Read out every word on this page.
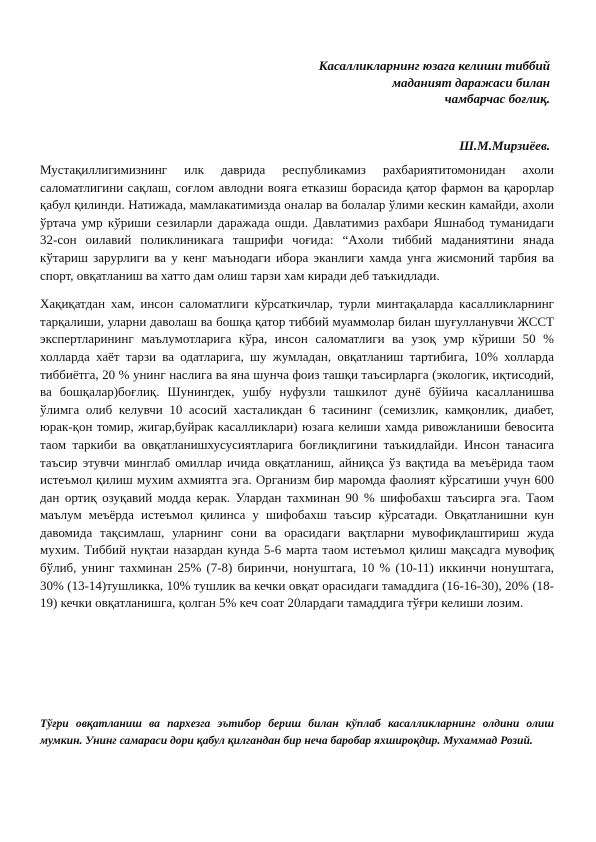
Касалликларнинг юзага келиши тиббий
маданият даражаси билан
чамбарчас боғлиқ.
Ш.М.Мирзиёев.

Мустақиллигимизнинг илк даврида республикамиз рахбариятитомонидан ахоли саломатлигини сақлаш, соғлом авлодни вояга етказиш борасида қатор фармон ва қарорлар қабул қилинди. Натижада, мамлакатимизда оналар ва болалар ўлими кескин камайди, ахоли ўртача умр кўриши сезиларли даражада ошди. Давлатимиз рахбари Яшнабод туманидаги 32-сон оилавий поликлиникага ташрифи чоғида: “Ахоли тиббий маданиятини янада кўтариш зарурлиги ва у кенг маънодаги ибора эканлиги хамда унга жисмоний тарбия ва спорт, овқатланиш ва хатто дам олиш тарзи хам киради деб таъкидлади.

Хақиқатдан хам, инсон саломатлиги кўрсаткичлар, турли минтақаларда касалликларнинг тарқалиши, уларни даволаш ва бошқа қатор тиббий муаммолар билан шуғулланувчи ЖССТ экспертларининг маълумотларига кўра, инсон саломатлиги ва узоқ умр кўриши 50 % холларда хаёт тарзи ва одатларига, шу жумладан, овқатланиш тартибига, 10% холларда тиббиётга, 20 % унинг наслига ва яна шунча фоиз ташқи таъсирларга (экологик, иқтисодий, ва бошқалар)боғлиқ. Шунингдек, ушбу нуфузли ташкилот дунё бўйича касалланишва ўлимга олиб келувчи 10 асосий хасталикдан 6 тасининг (семизлик, камқонлик, диабет, юрак-қон томир, жигар,буйрак касалликлари) юзага келиши хамда ривожланиши бевосита таом таркиби ва овқатланишхусусиятларига боғлиқлигини таъкидлайди. Инсон танасига таъсир этувчи минглаб омиллар ичида овқатланиш, айниқса ўз вақтида ва меъёрида таом истеъмол қилиш мухим ахмиятга эга. Организм бир маромда фаолият кўрсатиши учун 600 дан ортиқ озуқавий модда керак. Улардан тахминан 90 % шифобахш таъсирга эга. Таом маълум меъёрда истеъмол қилинса у шифобахш таъсир кўрсатади. Овқатланишни кун давомида тақсимлаш, уларнинг сони ва орасидаги вақтларни мувофиқлаштириш жуда мухим. Тиббий нуқтаи назардан кунда 5-6 марта таом истеъмол қилиш мақсадга мувофиқ бўлиб, унинг тахминан 25% (7-8) биринчи, нонуштага, 10 % (10-11) иккинчи нонуштага, 30% (13-14)тушликка, 10% тушлик ва кечки овқат орасидаги тамаддига (16-16-30), 20% (18-19) кечки овқатланишга, қолган 5% кеч соат 20лардаги тамаддига тўғри келиши лозим.

Тўғри овқатланиш ва пархезга эътибор бериш билан кўплаб касалликларнинг олдини олиш мумкин. Унинг самараси дори қабул қилгандан бир неча баробар яхшироқдир. Мухаммад Розий.
